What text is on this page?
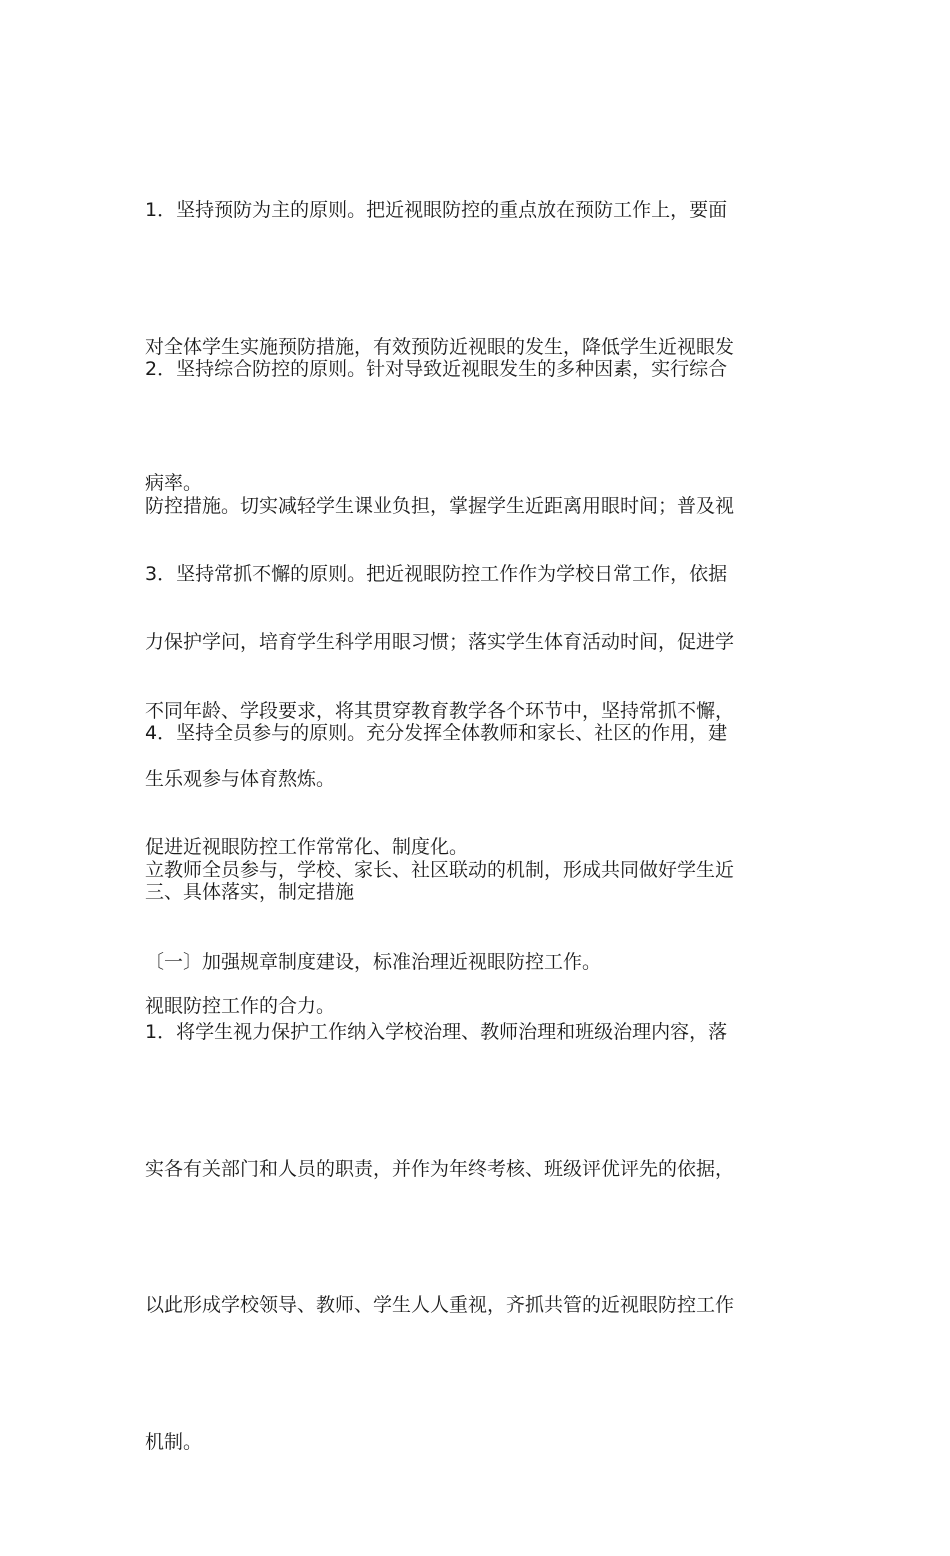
1．坚持预防为主的原则。把近视眼防控的重点放在预防工作上，要面

对全体学生实施预防措施，有效预防近视眼的发生，降低学生近视眼发

病率。

2．坚持综合防控的原则。针对导致近视眼发生的多种因素，实行综合

防控措施。切实减轻学生课业负担，掌握学生近距离用眼时间；普及视

力保护学问，培育学生科学用眼习惯；落实学生体育活动时间，促进学

生乐观参与体育熬炼。

3．坚持常抓不懈的原则。把近视眼防控工作作为学校日常工作，依据

不同年龄、学段要求，将其贯穿教育教学各个环节中，坚持常抓不懈，

促进近视眼防控工作常常化、制度化。

4．坚持全员参与的原则。充分发挥全体教师和家长、社区的作用，建

立教师全员参与，学校、家长、社区联动的机制，形成共同做好学生近

视眼防控工作的合力。

三、具体落实，制定措施

〔一〕加强规章制度建设，标准治理近视眼防控工作。

1．将学生视力保护工作纳入学校治理、教师治理和班级治理内容，落

实各有关部门和人员的职责，并作为年终考核、班级评优评先的依据，

以此形成学校领导、教师、学生人人重视，齐抓共管的近视眼防控工作

机制。
